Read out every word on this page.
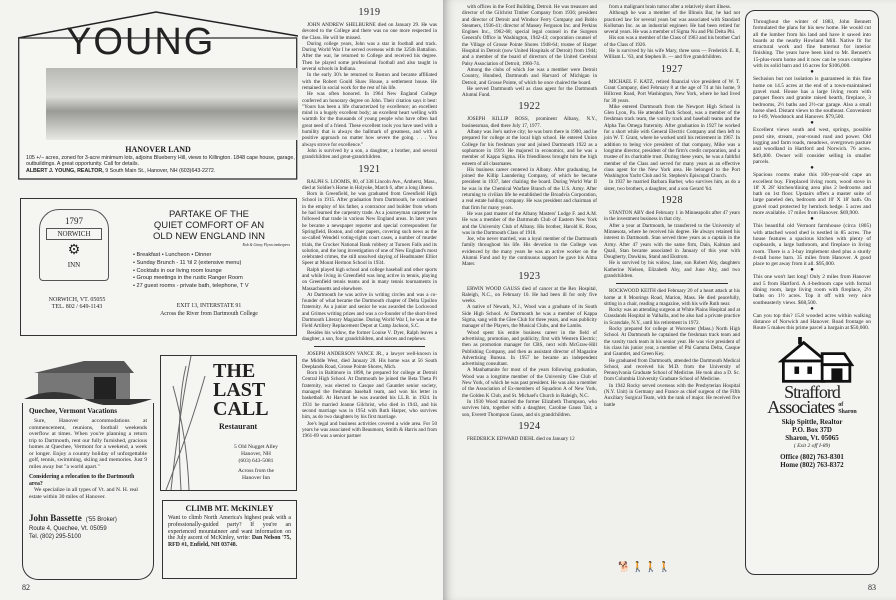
YOUNG
HANOVER LAND
105 +/− acres, zoned for 3-acre minimum lots, adjoins Blueberry Hill, views to Killington. 1848 cape house, garage, outbuildings. A great opportunity. Call for details.
ALBERT J. YOUNG, REALTOR, 9 South Main St., Hanover, NH (603)643-2272.
1797
NORWICH
⚙
INN
NORWICH, VT. 05055
TEL. 802 / 649-1143
PARTAKE OF THE
QUIET COMFORT OF AN
OLD NEW ENGLAND INN
Rob & Ginny Flynn innkeepers
• Breakfast • Luncheon • Dinner
• Sunday Brunch - 11 'til 2 (extensive menu)
• Cocktails in our living room lounge
• Group meetings in the rustic Ranger Room
• 27 guest rooms - private bath, telephone, T V
EXIT 13, INTERSTATE 91
Across the River from Dartmouth College
Quechee, Vermont Vacations
Sure, Hanover accommodations at commencement, reunions, football weekends overflow at times. When you're planning a return trip to Dartmouth, rent our fully furnished, gracious homes at Quechee, Vermont for a weekend, a week or longer. Enjoy a country holiday of unforgettable golf, tennis, swimming, skiing and memories. Just 9 miles away but "a world apart."
Considering a relocation to the Dartmouth area?
We specialize in all types of Vt. and N. H. real estate within 30 miles of Hanover.
John Bassette ('55 Broker)
Route 4, Quechee, Vt. 05059
Tel. (802) 295-5100
THE
LAST
CALL
Restaurant
5 Old Nugget Alley
Hanover, NH
(603) 643-5081
Across from the
Hanover Inn
CLIMB MT. McKINLEY
Want to climb North America's highest peak with a professionally-guided party? If you're an experienced mountaineer and want information on the July ascent of McKinley, write: Dan Nelson '75, RFD #1, Enfield, NH 03748.
1919

JOHN ANDREW SHELBURNE died on January 29. He was devoted to the College and there was no one more respected in the Class. He will be missed.

During college years, John was a star in football and track. During World War I he served overseas with the 325th Battalion. After the war, he returned to College and received his degree. Then he played some professional football and also taught in several schools in Indiana.

In the early 30's he returned to Boston and became affiliated with the Robert Gould Shaw House, a settlement house. He remained in social work for the rest of his life.

He was often honored. In 1964 New England College conferred an honorary degree on John. Their citation says it best: "Yours has been a life characterized by excellence; an excellent mind in a hugely excellent body; an excellent heart welling with warmth for the thousands of young people who have often had great need of a friend. These excellent tools you have used with a humility that is always the hallmark of greatness, and with a positive approach no matter how severe the going. . . . You always strove for excellence."

John is survived by a son, a daughter, a brother, and several grandchildren and great-grandchildren.

1921

RALPH S. LOOMIS, 80, of 338 Lincoln Ave., Amherst, Mass., died at Soldier's Home in Holyoke, March 6, after a long illness.

Born in Greenfield, he was graduated from Greenfield High School in 1915. After graduation from Dartmouth, he continued in the employ of his father, a contractor and builder from whom he had learned the carpentry trade. As a journeyman carpenter he followed that trade in various New England areas. In later years he became a newspaper reporter and special correspondent for Springfield, Boston, and other papers, covering such news as the so-called Wendell voting-rights court cases, a number of murder trials, the Crocker National Bank robbery at Turners Falls and its solution, and the long investigation of one of New England's most celebrated crimes, the still unsolved slaying of Headmaster Elliot Speer at Mount Hermon School in 1934.

Ralph played high school and college baseball and other sports and while living in Greenfield was long active in tennis, playing on Greenfield tennis teams and in many tennis tournaments in Massachusetts and elsewhere.

At Dartmouth he was active in writing circles and was a co-founder of what became the Dartmouth chapter of Delta Upsilon fraternity. As a junior and senior he was awarded the Lockwood and Grimes writing prizes and was a co-founder of the short-lived Dartmouth Literary Magazine. During World War I, he was at the Field Artillery Replacement Depot at Camp Jackson, S.C.

Besides his widow, the former Louise V. Dyer, Ralph leaves a daughter, a son, four grandchildren, and nieces and nephews.

JOSEPH ANDERSON VANCE JR., a lawyer well-known in the Middle West, died January 28. His home was at 56 South Deeplands Road, Grosse Pointe Shores, Mich.

Born in Baltimore in 1898, he prepared for college at Detroit Central High School. At Dartmouth he joined the Beta Theta Pi fraternity, was elected to Casque and Gauntlet senior society, managed the freshman baseball team, and won his letter in basketball. At Harvard he was awarded his LL.B. in 1924. In 1931 he married Jeanne Gilchrist, who died in 1943, and his second marriage was in 1954 with Ruth Harper, who survives him, as do two daughters by his first marriage.

Joe's legal and business activities covered a wide area. For 50 years he was associated with Beaumont, Smith & Harris and from 1961-69 was a senior partner

82

with offices in the Ford Building, Detroit. He was treasurer and director of the Gilchrist Timber Company from 1936; president and director of Detroit and Windsor Ferry Company and Boblo Steamers, 1936-41; director of Massey Ferguson Inc. and Perkins Engines Inc., 1962-68; special legal counsel in the Surgeon General's Office in Washington, 1942-43; corporation counsel of the Village of Grosse Pointe Shores 1948-64; trustee of Harper Hospital in Detroit (now United Hospitals of Detroit) from 1944; and a member of the board of directors of the United Cerebral Palsy Association of Detroit, 1960-74.

Among the clubs of which Joe was a member were Detroit Country, Hundred, Dartmouth and Harvard of Michigan in Detroit, and Grosse Pointe, of which he once chaired the board.

He served Dartmouth well as class agent for the Dartmouth Alumni Fund.

1922

JOSEPH KILLIP ROSS, prominent Albany, N.Y., businessman, died there July 17, 1977.

Albany was Joe's native city; he was born there in 1900, and he prepared for college at the local high school. He entered Union College for his freshman year and joined Dartmouth 1922 as a sophomore in 1919. He majored in economics, and he was a member of Kappa Sigma. His friendliness brought him the high esteem of all classmates.

His business career centered in Albany. After graduating, he joined the Killip Laundering Company, of which he became president in 1937, later chairing the board. During World War II he was in the Chemical Warfare Branch of the U.S. Army. After returning to civilian life he established the Broadvia Corporation, a real estate holding company. He was president and chairman of that firm for many years.

He was past master of the Albany Masters' Lodge F. and A.M. He was a member of the Dartmouth Club of Eastern New York and the University Club of Albany. His brother, Harold K. Ross, was in the Dartmouth Class of 1918.

Joe, who never married, was a loyal member of the Dartmouth family throughout his life. His devotion to the College was evidenced by the many years he was an active worker on the Alumni Fund and by the continuous support he gave his Alma Mater.

1923

ERWIN WOOD GAUSS died of cancer at the Rex Hospital, Raleigh, N.C., on February 10. He had been ill for only five weeks.

A native of Newark, N.J., Wood was a graduate of its South Side High School. At Dartmouth he was a member of Kappa Sigma, sang with the Glee Club for three years, and was publicity manager of the Players, the Musical Clubs, and the Lambs.

Wood spent his entire business career in the field of advertising, promotion, and publicity, first with Western Electric; then as promotion manager for CBS, next with McGraw-Hill Publishing Company, and then as assistant director of Magazine Advertising Bureau. In 1957 he became an independent advertising consultant.

A Manhattanite for most of the years following graduation, Wood was a longtime member of the University Glee Club of New York, of which he was past president. He was also a member of the Association of Ex-members of Squadron A of New York, the Golden K Club, and St. Michael's Church in Raleigh, N.C.

In 1930 Wood married the former Elizabeth Thompson, who survives him, together with a daughter, Caroline Gauss Tait, a son, Everett Thompson Gauss, and six grandchildren.

1924

FREDERICK EDWARD DIEHL died on January 12

from a malignant brain tumor after a relatively short illness.

Although he was a member of the Illinois Bar, he had not practiced law for several years but was associated with Standard Kollsman Inc. as an industrial engineer. He had been retired for several years. He was a member of Sigma Nu and Phi Delta Phi.

His son was a member of the Class of 1963 and his brother Carl of the Class of 1926.

He is survived by his wife Mary, three sons — Frederick E. II, William L. '63, and Stephen B. — and five grandchildren.

1927

MICHAEL F. KATZ, retired financial vice president of W. T. Grant Company, died February 8 at the age of 74 at his home, 9 Hillcrest Road, Port Washington, New York, where he had lived for 30 years.

Mike entered Dartmouth from the Newport High School in Glen Lyon, Pa. He attended Tuck School, was a member of the freshman track team, the varsity track and baseball teams and the Alpha Tau Omega fraternity. After graduation in 1927 he worked for a short while with General Electric Company and then left to join W. T. Grant, where he worked until his retirement in 1967. In addition to being vice president of that company, Mike was a longtime director, president of the firm's credit corporation, and a trustee of its charitable trust. During these years, he was a faithful member of the Class and served for many years as an effective class agent for the New York area. He belonged to the Port Washington Yacht Club and St. Stephen's Episcopal Church.

In 1937 he married Barbara Barber, who survives him, as do a sister, two brothers, a daughter, and a son Gerard '64.

1928

STANTON ABY died February 1 in Minneapolis after 47 years in the investment business in that city.

After a year at Dartmouth, he transferred to the University of Minnesota, where he received his degree. He always retained his interest in Dartmouth. Stan served three years as a captain in the Army. After 47 years with the same firm, Dain, Kalman and Quail, Stan became associated in January of this year with Dougherty, Dawkins, Stand and Ekstrom.

He is survived by his widow, Jane, son Robert Aby, daughters Katherine Nielsen, Elizabeth Aby, and June Aby, and two grandchildren.

ROCKWOOD KEITH died February 20 of a heart attack at his home at 8 Moorings Road, Marion, Mass. He died peacefully, sitting in a chair, reading a magazine, with his wife Ruth near.

Rocky was an attending surgeon at White Plains Hospital and at Grasslands Hospital in Valhalla, and he also had a private practice in Scarsdale, N.Y., until his retirement in 1972.

Rocky prepared for college at Worcester (Mass.) North High School. At Dartmouth he captained the freshman track team and the varsity track team in his senior year. He was vice president of his class his junior year, a member of Phi Gamma Delta, Casque and Gauntlet, and Green Key.

He graduated from Dartmouth, attended the Dartmouth Medical School, and received his M.D. from the University of Pennsylvania Graduate School of Medicine. He took also a D. Sc. from Columbia University Graduate School of Medicine.

In 1942 Rocky served overseas with the Presbyterian Hospital (N.Y. Unit) in Germany and France as chief surgeon of the Fifth Auxiliary Surgical Team, with the rank of major. He received five battle

🐕🚶🚶🚶
Throughout the winter of 1883, John Bennett formulated the plans for his new home. He would cut all the lumber from his land and have it sawed into boards at the nearby Howland Mill. Native fir for structural work and fine butternut for interior finishing. The years have been kind to Mr. Bennett's 15-plus-room home and it now can be yours complete with its solid barn and 16 acres for $106,000.
●
Seclusion but not isolation is guaranteed in this fine home on 14.5 acres at the end of a town-maintained gravel road. House has a large living room with parquet floors and granite raised hearth, fireplace, 3 bedrooms, 2½ baths and 2½-car garage. Also a small horse shed. Distant views to the southeast. Convenient to I-89, Woodstock and Hanover. $79,500.
●
Excellent views south and west, springs, possible pond site, stream, year-round road and power. Old logging and farm roads, meadows, overgrown pasture and woodland in Hartford and Norwich. 76 acres. $49,400. Owner will consider selling in smaller parcels.
●
Spacious rooms make this 100-year-old cape an excellent buy. Fireplaced living room, wood stove in 18' X 28' kitchen/dining area plus 2 bedrooms and bath on 1st floor. Upstairs offers a master suite of large paneled den, bedroom and 10' X 18' bath. On gravel road protected by hemlock hedge. 5 acres and more available. 17 miles from Hanover. $69,900.
●
This beautiful old Vermont farmhouse (circa 1805) with attached wood shed is nestled in 85 acres. The house features a spacious kitchen with plenty of cupboards, a large bathroom, and fireplace in living room. There is a 3-bay implement shed plus a sturdy 4-stall horse barn. 35 miles from Hanover. A good place to get away from it all. $95,000.
●
This one won't last long! Only 2 miles from Hanover and 5 from Hartford. A 4-bedroom cape with formal dining room, large living room with fireplace, 2½ baths on 1½ acres. Top it off with very nice southeasterly views. $68,500.
●
Can you top this? 15.8 wooded acres within walking distance of Norwich and Hanover. Road frontage on Route 5 makes this prime parcel a bargain at $50,000.
Strafford
Associates of
Sharon
Skip Spittle, Realtor
P.O. Box 37D
Sharon, Vt. 05065
( Exit 2 off I-89)
Office (802) 763-8301
Home (802) 763-8372
83
